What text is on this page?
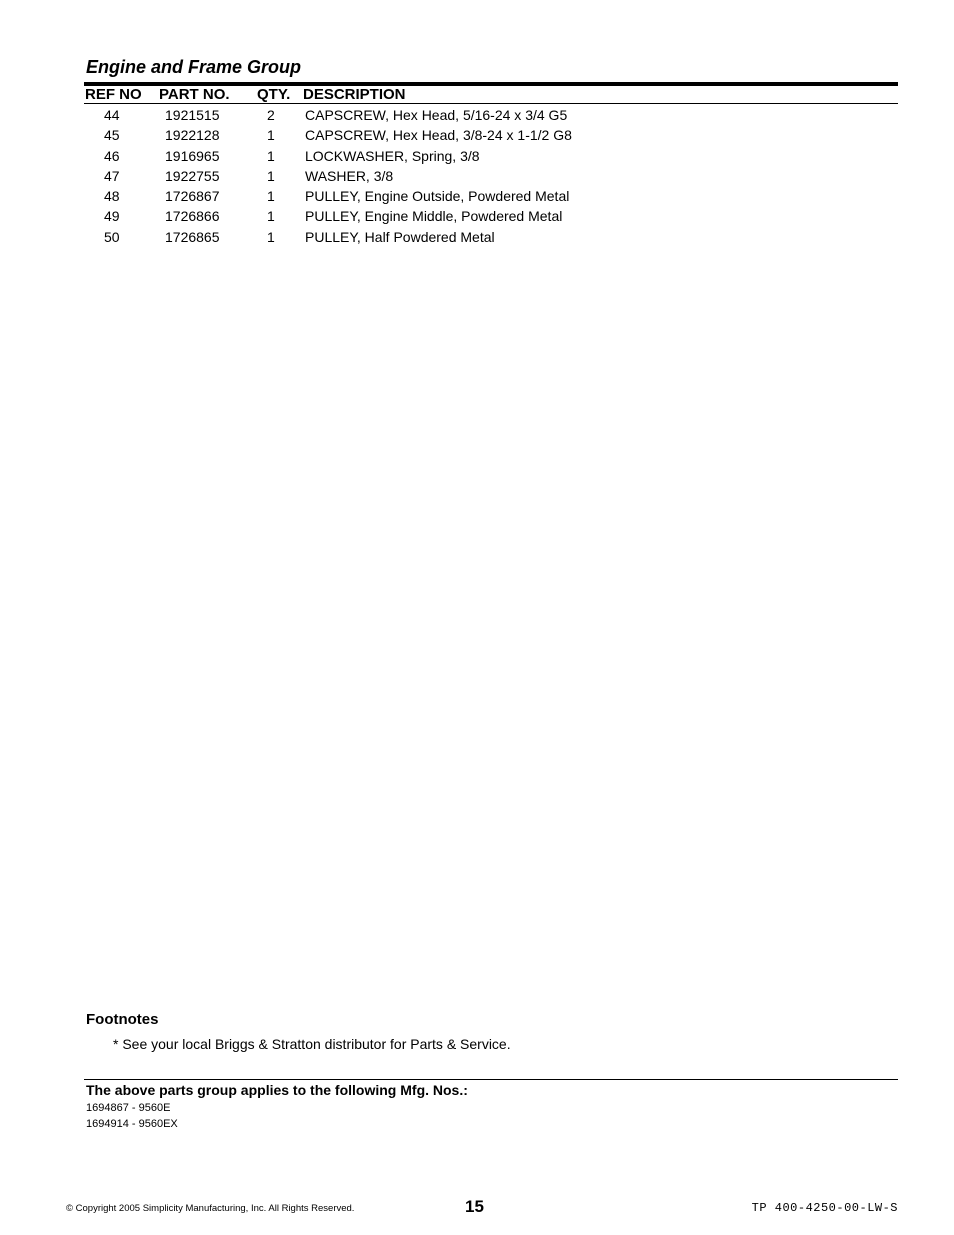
Engine and Frame Group
REF NO PART NO. QTY. DESCRIPTION
44	1921515	2 CAPSCREW, Hex Head, 5/16-24 x 3/4 G5
45	1922128	1 CAPSCREW, Hex Head, 3/8-24 x 1-1/2 G8
46	1916965	1 LOCKWASHER, Spring, 3/8
47	1922755	1 WASHER, 3/8
48	1726867	1 PULLEY, Engine Outside, Powdered Metal
49	1726866	1 PULLEY, Engine Middle, Powdered Metal
50	1726865	1 PULLEY, Half Powdered Metal
Footnotes
* See your local Briggs & Stratton distributor for Parts & Service.
The above parts group applies to the following Mfg. Nos.:
1694867 - 9560E
1694914 - 9560EX
© Copyright 2005 Simplicity Manufacturing, Inc. All Rights Reserved.	15	TP 400-4250-00-LW-S
